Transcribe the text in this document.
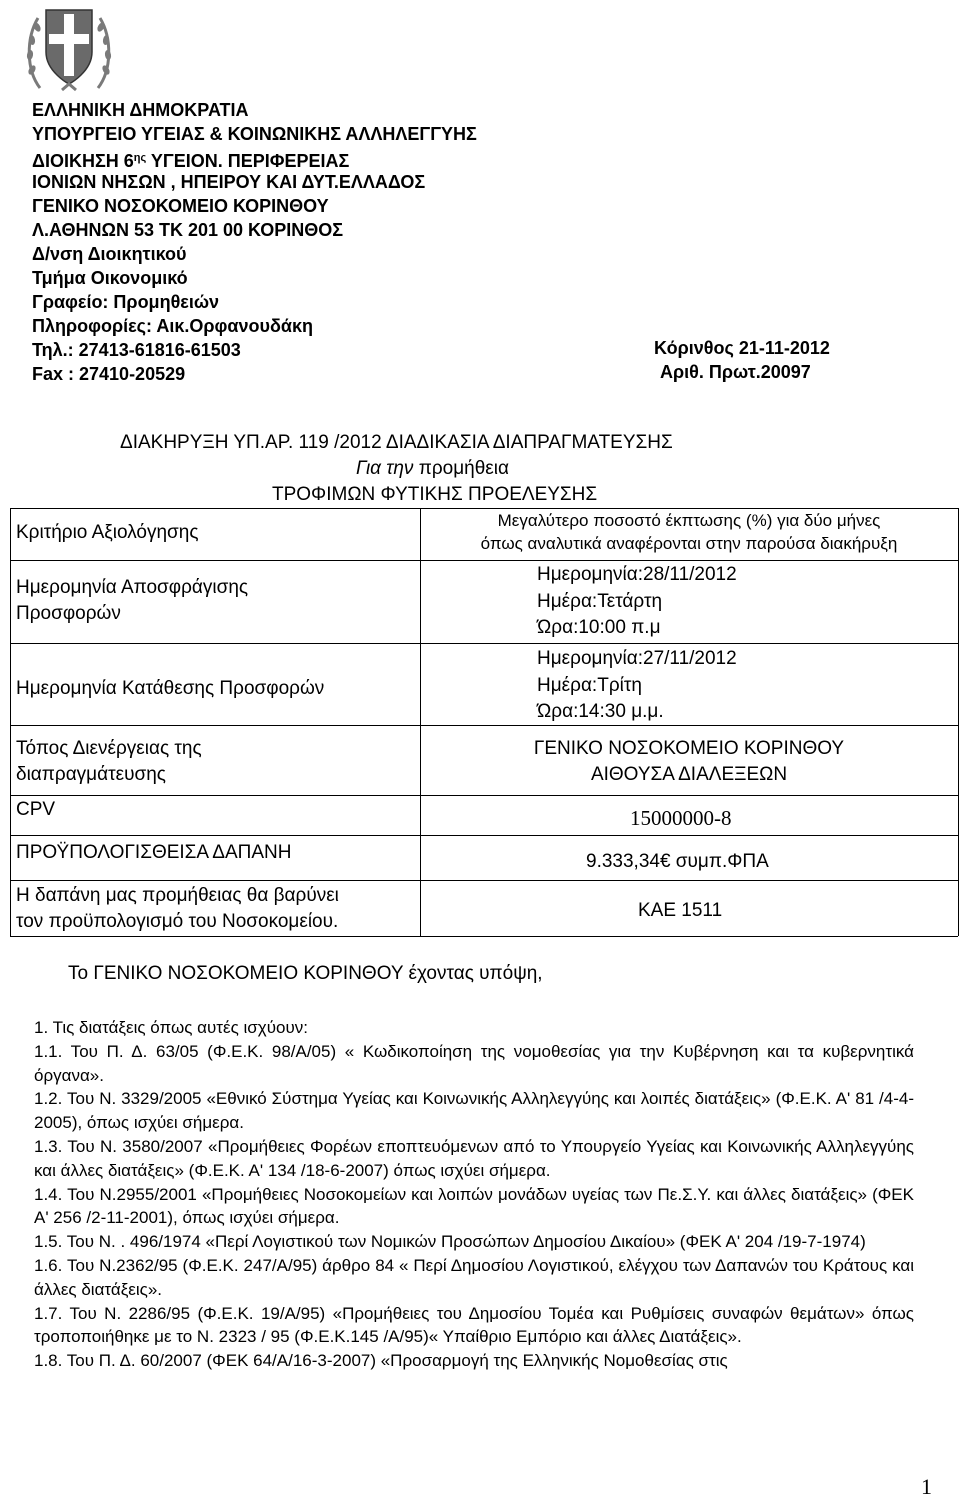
ΕΛΛΗΝΙΚΗ ΔΗΜΟΚΡΑΤΙΑ
ΥΠΟΥΡΓΕΙΟ ΥΓΕΙΑΣ & ΚΟΙΝΩΝΙΚΗΣ ΑΛΛΗΛΕΓΓΥΗΣ
ΔΙΟΙΚΗΣΗ $6^{\eta\varsigma}$ ΥΓΕΙΟΝ. ΠΕΡΙΦΕΡΕΙΑΣ
ΙΟΝΙΩΝ ΝΗΣΩΝ , ΗΠΕΙΡΟΥ ΚΑΙ ΔΥΤ.ΕΛΛΑΔΟΣ
ΓΕΝΙΚΟ ΝΟΣΟΚΟΜΕΙΟ ΚΟΡΙΝΘΟΥ
Λ.ΑΘΗΝΩΝ 53 ΤΚ 201 00 ΚΟΡΙΝΘΟΣ
Δ/νση Διοικητικού
Τμήμα Οικονομικό
Γραφείο: Προμηθειών
Πληροφορίες: Αικ.Ορφανουδάκη
Τηλ.: 27413-61816-61503
Fax : 27410-20529
Κόρινθος 21-11-2012
Αριθ. Πρωτ.20097
ΔΙΑΚΗΡΥΞΗ ΥΠ.ΑΡ. 119 /2012 ΔΙΑΔΙΚΑΣΙΑ ΔΙΑΠΡΑΓΜΑΤΕΥΣΗΣ
Για την προμήθεια
ΤΡΟΦΙΜΩΝ ΦΥΤΙΚΗΣ ΠΡΟΕΛΕΥΣΗΣ
Κριτήριο Αξιολόγησης
Μεγαλύτερο ποσοστό έκπτωσης (%) για δύο μήνες
όπως αναλυτικά αναφέρονται στην παρούσα διακήρυξη
Ημερομηνία Αποσφράγισης
Προσφορών
Ημερομηνία:28/11/2012
Ημέρα:Τετάρτη
Ώρα:10:00 π.μ
Ημερομηνία Κατάθεσης Προσφορών
Ημερομηνία:27/11/2012
Ημέρα:Τρίτη
Ώρα:14:30 μ.μ.
Τόπος Διενέργειας της
διαπραγμάτευσης
ΓΕΝΙΚΟ ΝΟΣΟΚΟΜΕΙΟ ΚΟΡΙΝΘΟΥ
ΑΙΘΟΥΣΑ ΔΙΑΛΕΞΕΩΝ
CPV	15000000-8
ΠΡΟΫΠΟΛΟΓΙΣΘΕΙΣΑ ΔΑΠΑΝΗ	9.333,34€ συμπ.ΦΠΑ
Η δαπάνη μας προμήθειας θα βαρύνει
τον προϋπολογισμό του Νοσοκομείου.
ΚΑΕ 1511
Το ΓΕΝΙΚΟ ΝΟΣΟΚΟΜΕΙΟ ΚΟΡΙΝΘΟΥ έχοντας υπόψη,

1. Τις διατάξεις όπως αυτές ισχύουν:

1.1. Του Π. Δ. 63/05 (Φ.Ε.Κ. 98/Α/05) « Κωδικοποίηση της νομοθεσίας για την Κυβέρνηση και τα κυβερνητικά όργανα».

1.2. Του Ν. 3329/2005 «Εθνικό Σύστημα Υγείας και Κοινωνικής Αλληλεγγύης και λοιπές διατάξεις» (Φ.Ε.Κ. Α' 81 /4-4-2005), όπως ισχύει σήμερα.

1.3. Του Ν. 3580/2007 «Προμήθειες Φορέων εποπτευόμενων από το Υπουργείο Υγείας και Κοινωνικής Αλληλεγγύης και άλλες διατάξεις» (Φ.Ε.Κ. Α' 134 /18-6-2007) όπως ισχύει σήμερα.

1.4. Του Ν.2955/2001 «Προμήθειες Νοσοκομείων και λοιπών μονάδων υγείας των Πε.Σ.Υ. και άλλες διατάξεις» (ΦΕΚ Α' 256 /2-11-2001), όπως ισχύει σήμερα.

1.5. Του Ν. . 496/1974 «Περί Λογιστικού των Νομικών Προσώπων Δημοσίου Δικαίου» (ΦΕΚ Α' 204 /19-7-1974)

1.6. Του Ν.2362/95 (Φ.Ε.Κ. 247/Α/95) άρθρο 84 « Περί Δημοσίου Λογιστικού, ελέγχου των Δαπανών του Κράτους και άλλες διατάξεις».

1.7. Του Ν. 2286/95 (Φ.Ε.Κ. 19/Α/95) «Προμήθειες του Δημοσίου Τομέα και Ρυθμίσεις συναφών θεμάτων» όπως τροποποιήθηκε με το Ν. 2323 / 95 (Φ.Ε.Κ.145 /Α/95)« Υπαίθριο Εμπόριο και άλλες Διατάξεις».

1.8. Του Π. Δ. 60/2007 (ΦΕΚ 64/Α/16-3-2007) «Προσαρμογή της Ελληνικής Νομοθεσίας στις

1
